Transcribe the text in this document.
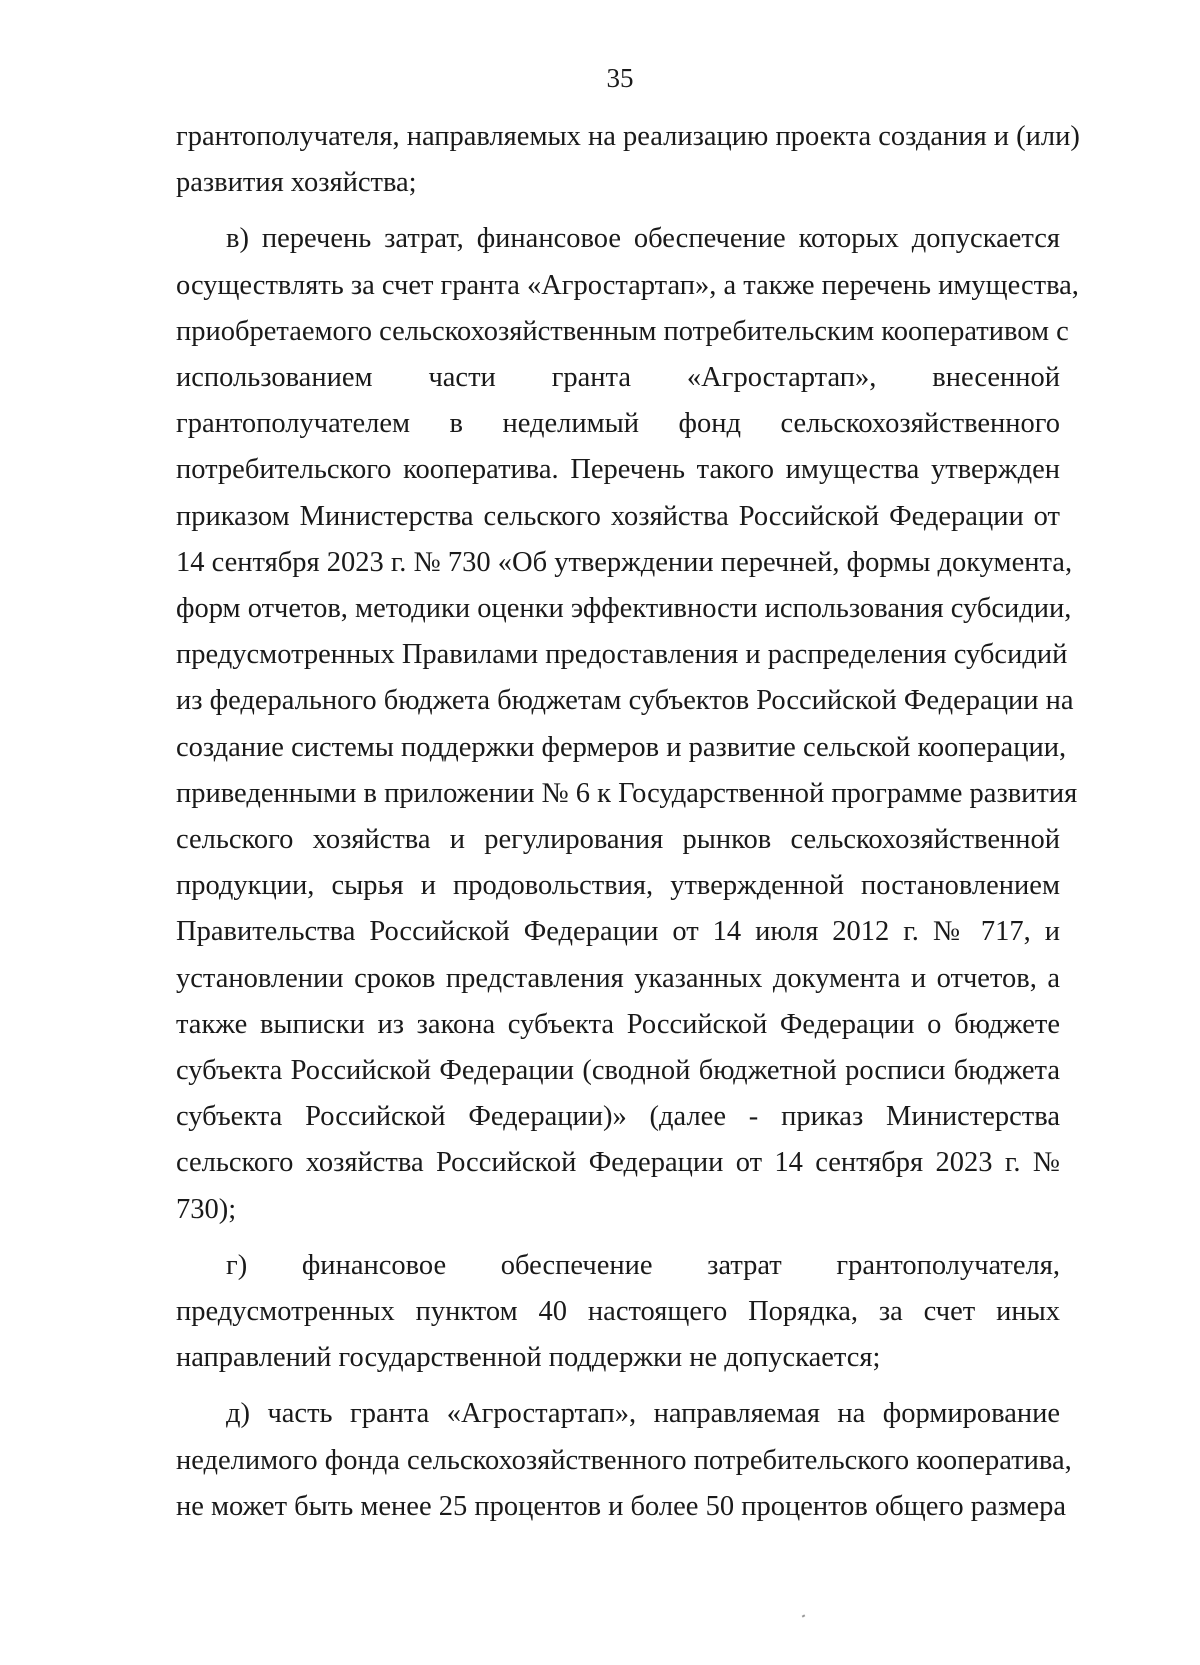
35
грантополучателя, направляемых на реализацию проекта создания и (или)
развития хозяйства;
в) перечень затрат, финансовое обеспечение которых допускается
осуществлять за счет гранта «Агростартап», а также перечень имущества,
приобретаемого сельскохозяйственным потребительским кооперативом с
использованием части гранта «Агростартап», внесенной
грантополучателем в неделимый фонд сельскохозяйственного
потребительского кооператива. Перечень такого имущества утвержден
приказом Министерства сельского хозяйства Российской Федерации от
14 сентября 2023 г. № 730 «Об утверждении перечней, формы документа,
форм отчетов, методики оценки эффективности использования субсидии,
предусмотренных Правилами предоставления и распределения субсидий
из федерального бюджета бюджетам субъектов Российской Федерации на
создание системы поддержки фермеров и развитие сельской кооперации,
приведенными в приложении № 6 к Государственной программе развития
сельского хозяйства и регулирования рынков сельскохозяйственной
продукции, сырья и продовольствия, утвержденной постановлением
Правительства Российской Федерации от 14 июля 2012 г. № 717, и
установлении сроков представления указанных документа и отчетов, а
также выписки из закона субъекта Российской Федерации о бюджете
субъекта Российской Федерации (сводной бюджетной росписи бюджета
субъекта Российской Федерации)» (далее - приказ Министерства
сельского хозяйства Российской Федерации от 14 сентября 2023 г. №
730);
г) финансовое обеспечение затрат грантополучателя,
предусмотренных пунктом 40 настоящего Порядка, за счет иных
направлений государственной поддержки не допускается;
д) часть гранта «Агростартап», направляемая на формирование
неделимого фонда сельскохозяйственного потребительского кооператива,
не может быть менее 25 процентов и более 50 процентов общего размера
